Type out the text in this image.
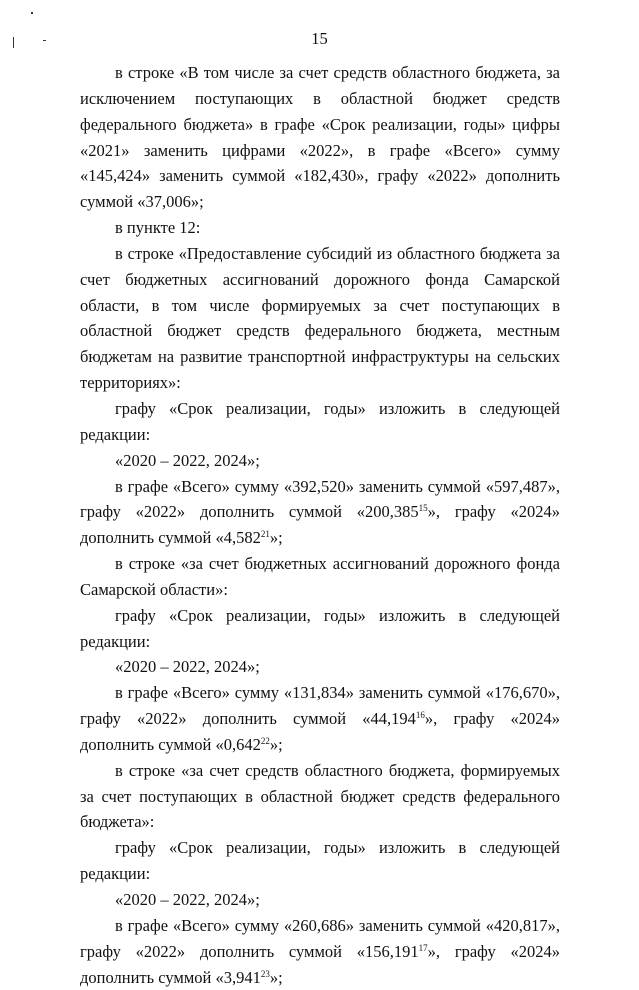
15

в строке «В том числе за счет средств областного бюджета, за исключением поступающих в областной бюджет средств федерального бюджета» в графе «Срок реализации, годы» цифры «2021» заменить цифрами «2022», в графе «Всего» сумму «145,424» заменить суммой «182,430», графу «2022» дополнить суммой «37,006»;

в пункте 12:

в строке «Предоставление субсидий из областного бюджета за счет бюджетных ассигнований дорожного фонда Самарской области, в том числе формируемых за счет поступающих в областной бюджет средств федерального бюджета, местным бюджетам на развитие транспортной инфраструктуры на сельских территориях»:

графу «Срок реализации, годы» изложить в следующей редакции:

«2020 – 2022, 2024»;

в графе «Всего» сумму «392,520» заменить суммой «597,487», графу «2022» дополнить суммой «200,385$^{15}$», графу «2024» дополнить суммой «4,582$^{21}$»;

в строке «за счет бюджетных ассигнований дорожного фонда Самарской области»:

графу «Срок реализации, годы» изложить в следующей редакции:

«2020 – 2022, 2024»;

в графе «Всего» сумму «131,834» заменить суммой «176,670», графу «2022» дополнить суммой «44,194$^{16}$», графу «2024» дополнить суммой «0,642$^{22}$»;

в строке «за счет средств областного бюджета, формируемых за счет поступающих в областной бюджет средств федерального бюджета»:

графу «Срок реализации, годы» изложить в следующей редакции:

«2020 – 2022, 2024»;

в графе «Всего» сумму «260,686» заменить суммой «420,817», графу «2022» дополнить суммой «156,191$^{17}$», графу «2024» дополнить суммой «3,941$^{23}$»;
